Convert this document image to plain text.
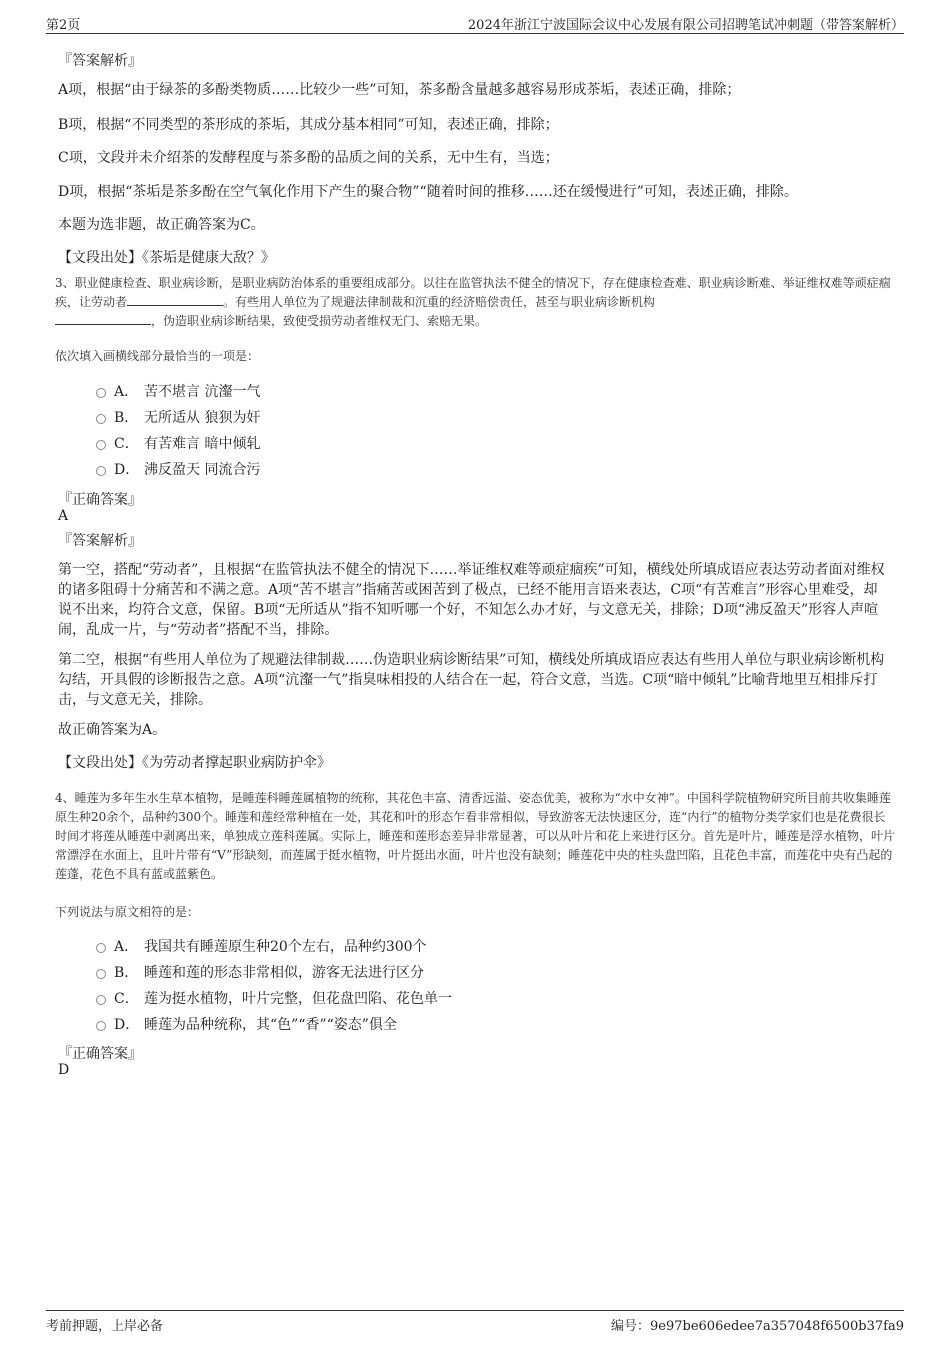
第2页	2024年浙江宁波国际会议中心发展有限公司招聘笔试冲刺题（带答案解析）
『答案解析』
A项，根据“由于绿茶的多酚类物质……比较少一些”可知，茶多酚含量越多越容易形成茶垢，表述正确，排除；
B项，根据“不同类型的茶形成的茶垢，其成分基本相同”可知，表述正确，排除；
C项，文段并未介绍茶的发酵程度与茶多酚的品质之间的关系，无中生有，当选；
D项，根据“茶垢是茶多酚在空气氧化作用下产生的聚合物”“随着时间的推移……还在缓慢进行”可知，表述正确，排除。
本题为选非题，故正确答案为C。
【文段出处】《茶垢是健康大敌？》
3、职业健康检查、职业病诊断，是职业病防治体系的重要组成部分。以往在监管执法不健全的情况下，存在健康检查难、职业病诊断难、举证维权难等顽症痼疾，让劳动者	。有些用人单位为了规避法律制裁和沉重的经济赔偿责任，甚至与职业病诊断机构
，伪造职业病诊断结果，致使受损劳动者维权无门、索赔无果。
依次填入画横线部分最恰当的一项是：
A． 苦不堪言 沆瀣一气
B． 无所适从 狼狈为奸
C． 有苦难言 暗中倾轧
D． 沸反盈天 同流合污
『正确答案』
A
『答案解析』
第一空，搭配“劳动者”，且根据“在监管执法不健全的情况下……举证维权难等顽症痼疾”可知，横线处所填成语应表达劳动者面对维权的诸多阻碍十分痛苦和不满之意。A项“苦不堪言”指痛苦或困苦到了极点，已经不能用言语来表达，C项“有苦难言”形容心里难受，却说不出来，均符合文意，保留。B项“无所适从”指不知听哪一个好，不知怎么办才好，与文意无关，排除；D项“沸反盈天”形容人声喧闹，乱成一片，与“劳动者”搭配不当，排除。
第二空，根据“有些用人单位为了规避法律制裁……伪造职业病诊断结果”可知，横线处所填成语应表达有些用人单位与职业病诊断机构勾结，开具假的诊断报告之意。A项“沆瀣一气”指臭味相投的人结合在一起，符合文意，当选。C项“暗中倾轧”比喻背地里互相排斥打击，与文意无关，排除。
故正确答案为A。
【文段出处】《为劳动者撑起职业病防护伞》
4、睡莲为多年生水生草本植物，是睡莲科睡莲属植物的统称，其花色丰富、清香远溢、姿态优美，被称为“水中女神”。中国科学院植物研究所目前共收集睡莲原生种20余个，品种约300个。睡莲和莲经常种植在一处，其花和叶的形态乍看非常相似，导致游客无法快速区分，连“内行”的植物分类学家们也是花费很长时间才将莲从睡莲中剥离出来，单独成立莲科莲属。实际上，睡莲和莲形态差异非常显著，可以从叶片和花上来进行区分。首先是叶片，睡莲是浮水植物，叶片常漂浮在水面上，且叶片带有“V”形缺刻，而莲属于挺水植物，叶片挺出水面，叶片也没有缺刻；睡莲花中央的柱头盘凹陷，且花色丰富，而莲花中央有凸起的莲蓬，花色不具有蓝或蓝紫色。
下列说法与原文相符的是：
A． 我国共有睡莲原生种20个左右，品种约300个
B． 睡莲和莲的形态非常相似，游客无法进行区分
C． 莲为挺水植物，叶片完整，但花盘凹陷、花色单一
D． 睡莲为品种统称，其“色”“香”“姿态”俱全
『正确答案』
D
考前押题，上岸必备	编号：9e97be606edee7a357048f6500b37fa9
